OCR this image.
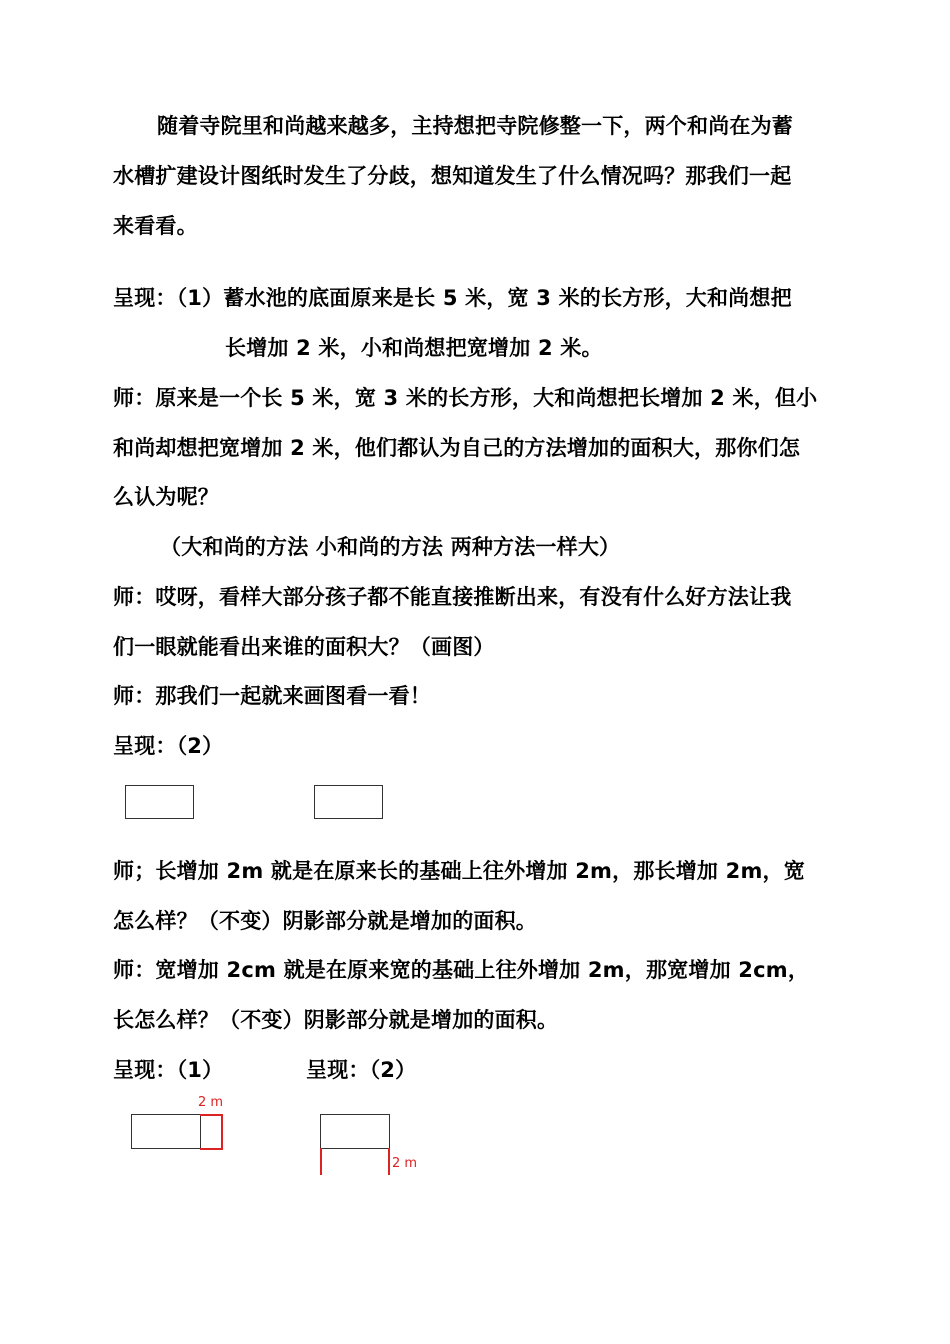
随着寺院里和尚越来越多，主持想把寺院修整一下，两个和尚在为蓄
水槽扩建设计图纸时发生了分歧，想知道发生了什么情况吗？那我们一起
来看看。
呈现：（1）蓄水池的底面原来是长 5 米，宽 3 米的长方形，大和尚想把
长增加 2 米，小和尚想把宽增加 2 米。
师：原来是一个长 5 米，宽 3 米的长方形，大和尚想把长增加 2 米，但小
和尚却想把宽增加 2 米，他们都认为自己的方法增加的面积大，那你们怎
么认为呢？
（大和尚的方法 小和尚的方法 两种方法一样大）
师：哎呀，看样大部分孩子都不能直接推断出来，有没有什么好方法让我
们一眼就能看出来谁的面积大？（画图）
师：那我们一起就来画图看一看！
呈现：（2）
师；长增加 2m 就是在原来长的基础上往外增加 2m，那长增加 2m，宽
怎么样？（不变）阴影部分就是增加的面积。
师：宽增加 2cm 就是在原来宽的基础上往外增加 2m，那宽增加 2cm，
长怎么样？（不变）阴影部分就是增加的面积。
呈现：（1）	呈现：（2）
2 m
2 m
